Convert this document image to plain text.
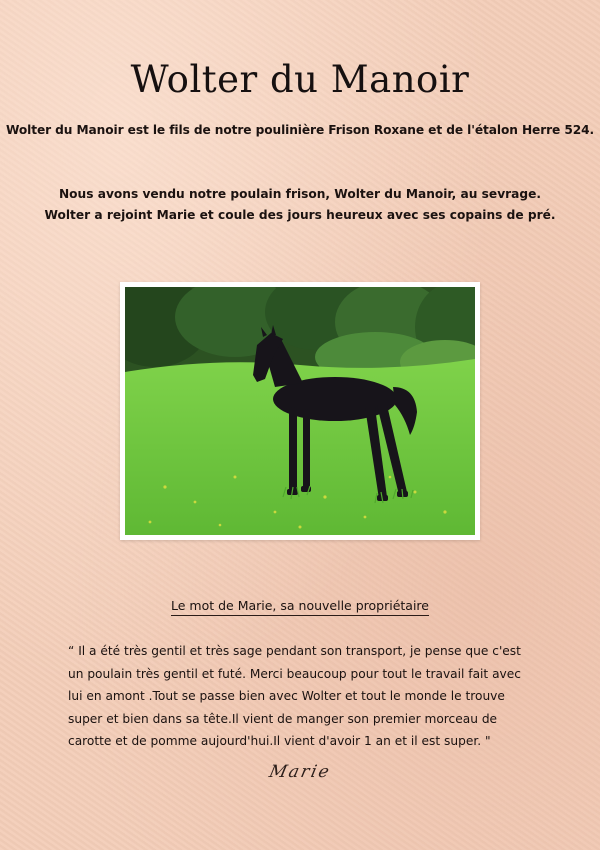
Wolter du Manoir

Wolter du Manoir est le fils de notre poulinière Frison Roxane et de l'étalon Herre 524.

Nous avons vendu notre poulain frison, Wolter du Manoir, au sevrage.
Wolter a rejoint Marie et coule des jours heureux avec ses copains de pré.

Le mot de Marie, sa nouvelle propriétaire

“ Il a été très gentil et très sage pendant son transport, je pense que c'est
un poulain très gentil et futé. Merci beaucoup pour tout le travail fait avec
lui en amont .Tout se passe bien avec Wolter et tout le monde le trouve
super et bien dans sa tête.Il vient de manger son premier morceau de
carotte et de pomme aujourd'hui.Il vient d'avoir 1 an et il est super. "

Marie
